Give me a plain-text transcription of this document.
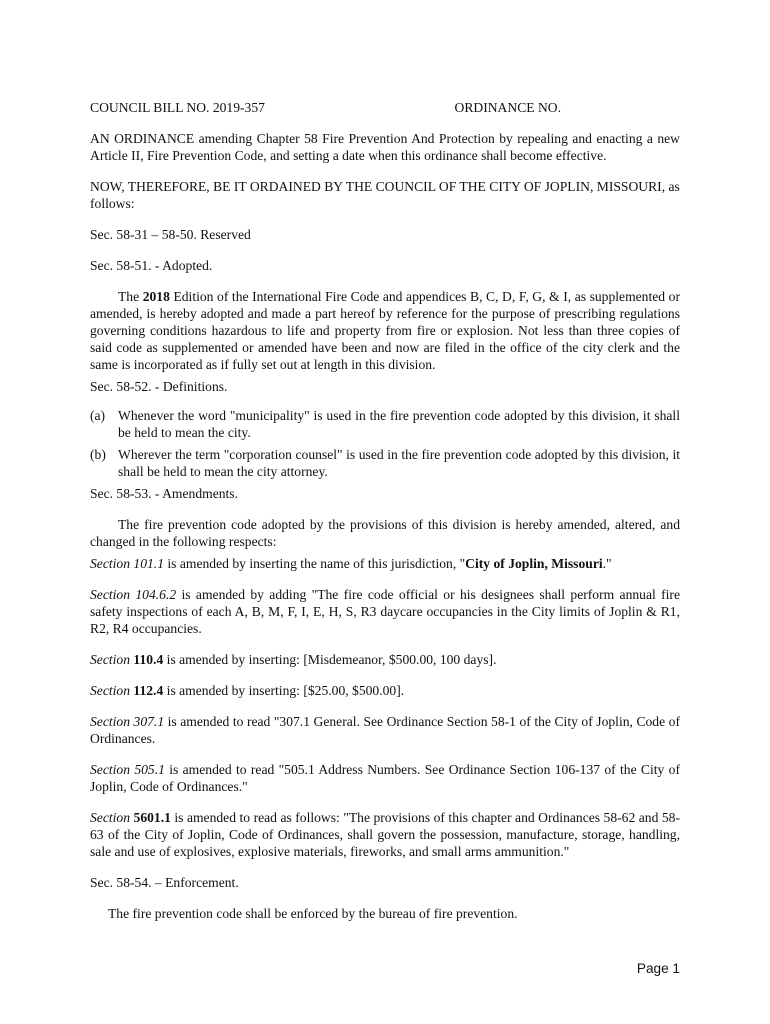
COUNCIL BILL NO. 2019-357	ORDINANCE NO.

AN ORDINANCE amending Chapter 58 Fire Prevention And Protection by repealing and enacting a new Article II, Fire Prevention Code, and setting a date when this ordinance shall become effective.

NOW, THEREFORE, BE IT ORDAINED BY THE COUNCIL OF THE CITY OF JOPLIN, MISSOURI, as follows:

Sec. 58-31 – 58-50. Reserved

Sec. 58-51. - Adopted.

The 2018 Edition of the International Fire Code and appendices B, C, D, F, G, & I, as supplemented or amended, is hereby adopted and made a part hereof by reference for the purpose of prescribing regulations governing conditions hazardous to life and property from fire or explosion. Not less than three copies of said code as supplemented or amended have been and now are filed in the office of the city clerk and the same is incorporated as if fully set out at length in this division.

Sec. 58-52. - Definitions.

(a) Whenever the word "municipality" is used in the fire prevention code adopted by this division, it shall be held to mean the city.
(b) Wherever the term "corporation counsel" is used in the fire prevention code adopted by this division, it shall be held to mean the city attorney.

Sec. 58-53. - Amendments.

The fire prevention code adopted by the provisions of this division is hereby amended, altered, and changed in the following respects:

Section 101.1 is amended by inserting the name of this jurisdiction, "City of Joplin, Missouri."

Section 104.6.2 is amended by adding "The fire code official or his designees shall perform annual fire safety inspections of each A, B, M, F, I, E, H, S, R3 daycare occupancies in the City limits of Joplin & R1, R2, R4 occupancies.

Section 110.4 is amended by inserting: [Misdemeanor, $500.00, 100 days].

Section 112.4 is amended by inserting: [$25.00, $500.00].

Section 307.1 is amended to read "307.1 General. See Ordinance Section 58-1 of the City of Joplin, Code of Ordinances.

Section 505.1 is amended to read "505.1 Address Numbers. See Ordinance Section 106-137 of the City of Joplin, Code of Ordinances."

Section 5601.1 is amended to read as follows: "The provisions of this chapter and Ordinances 58-62 and 58-63 of the City of Joplin, Code of Ordinances, shall govern the possession, manufacture, storage, handling, sale and use of explosives, explosive materials, fireworks, and small arms ammunition."

Sec. 58-54. – Enforcement.

The fire prevention code shall be enforced by the bureau of fire prevention.

Page 1
